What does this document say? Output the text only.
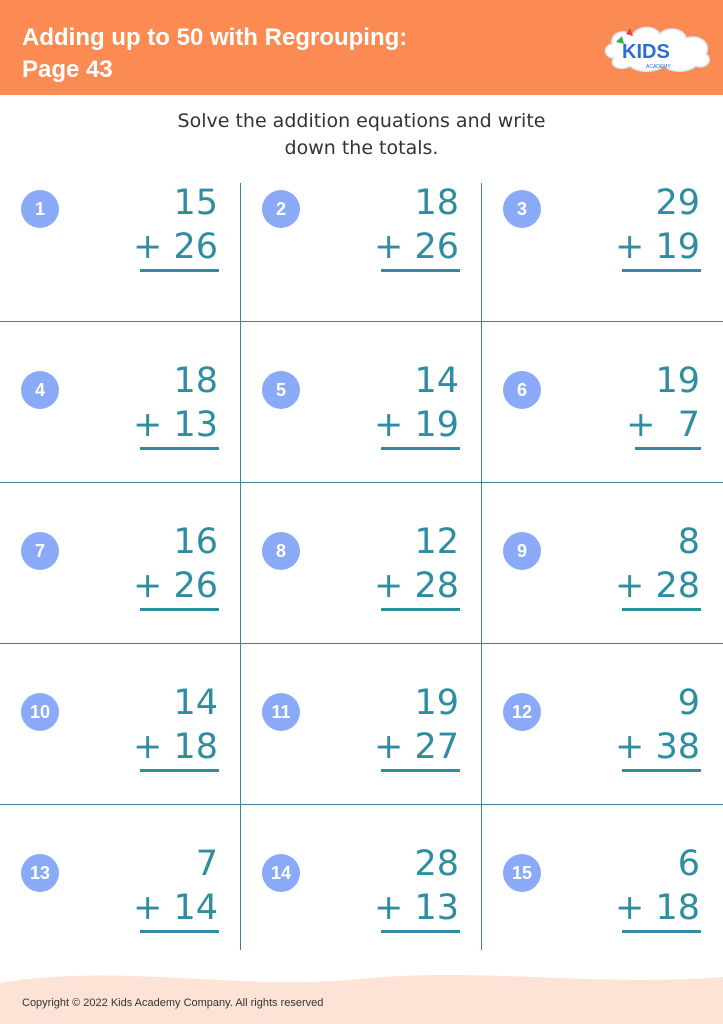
Adding up to 50 with Regrouping:
Page 43
KIDS
ACADEMY
Solve the addition equations and write
down the totals.
1	15
+ 26
2	18
+ 26
3	29
+ 19
4	18
+ 13
5	14
+ 19
6	19
+  7
7	16
+ 26
8	12
+ 28
9	8
+ 28
10	14
+ 18
11	19
+ 27
12	9
+ 38
13	7
+ 14
14	28
+ 13
15	6
+ 18
Copyright © 2022 Kids Academy Company. All rights reserved
